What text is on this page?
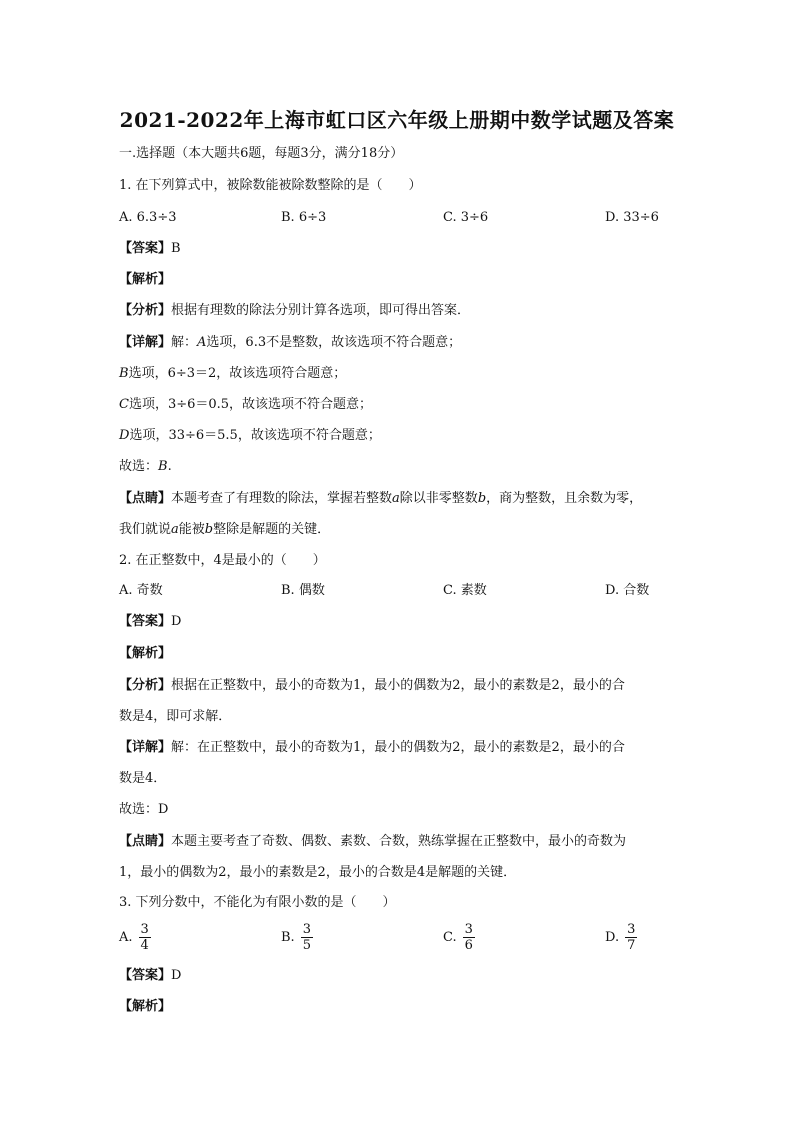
2021-2022年上海市虹口区六年级上册期中数学试题及答案
一.选择题（本大题共6题，每题3分，满分18分）
1. 在下列算式中，被除数能被除数整除的是（　　）
A. 6.3÷3	B. 6÷3	C. 3÷6	D. 33÷6
【答案】B
【解析】
【分析】根据有理数的除法分别计算各选项，即可得出答案．
【详解】解：A选项，6.3不是整数，故该选项不符合题意；
B选项，6÷3＝2，故该选项符合题意；
C选项，3÷6＝0.5，故该选项不符合题意；
D选项，33÷6＝5.5，故该选项不符合题意；
故选：B.
【点睛】本题考查了有理数的除法，掌握若整数a除以非零整数b，商为整数，且余数为零，
我们就说a能被b整除是解题的关键．
2. 在正整数中，4是最小的（　　）
A. 奇数	B. 偶数	C. 素数	D. 合数
【答案】D
【解析】
【分析】根据在正整数中，最小的奇数为1，最小的偶数为2，最小的素数是2，最小的合
数是4，即可求解．
【详解】解：在正整数中，最小的奇数为1，最小的偶数为2，最小的素数是2，最小的合
数是4．
故选：D
【点睛】本题主要考查了奇数、偶数、素数、合数，熟练掌握在正整数中，最小的奇数为
1，最小的偶数为2，最小的素数是2，最小的合数是4是解题的关键．
3. 下列分数中，不能化为有限小数的是（　　）
A. $\frac{3}{4}$	B. $\frac{3}{5}$	C. $\frac{3}{6}$	D. $\frac{3}{7}$
【答案】D
【解析】
